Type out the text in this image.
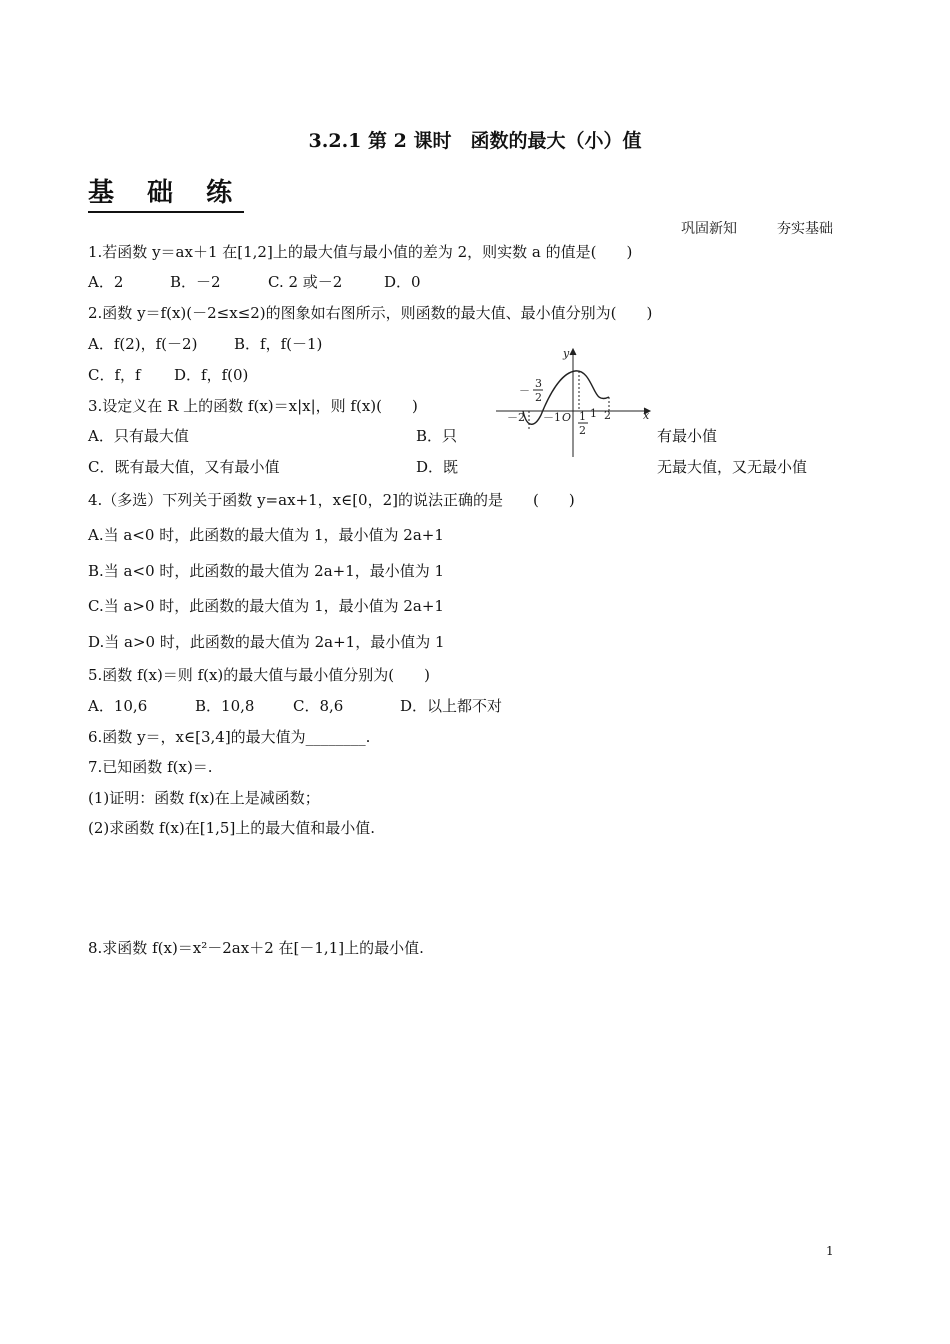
3.2.1 第 2 课时　函数的最大（小）值
基 础 练
巩固新知	夯实基础
1.若函数 y＝ax＋1 在[1,2]上的最大值与最小值的差为 2，则实数 a 的值是(　　)
A．2	B．－2	C. 2 或－2	D．0
2.函数 y＝f(x)(－2≤x≤2)的图象如右图所示，则函数的最大值、最小值分别为(　　)
A．f(2)，f(－2) B．f，f(－1)
C．f，f D．f，f(0)
y
x
－
3
2
－2 －1 O 1
2
1 2
3.设定义在 R 上的函数 f(x)＝x|x|，则 f(x)(　　)
A．只有最大值	B．只	有最小值
C．既有最大值，又有最小值	D．既	无最大值，又无最小值
4.（多选）下列关于函数 y=ax+1，x∈[0，2]的说法正确的是　　(　　)
A.当 a<0 时，此函数的最大值为 1，最小值为 2a+1
B.当 a<0 时，此函数的最大值为 2a+1，最小值为 1
C.当 a>0 时，此函数的最大值为 1，最小值为 2a+1
D.当 a>0 时，此函数的最大值为 2a+1，最小值为 1
5.函数 f(x)＝则 f(x)的最大值与最小值分别为(　　)
A．10,6	B．10,8	C．8,6	D．以上都不对
6.函数 y＝，x∈[3,4]的最大值为________.
7.已知函数 f(x)＝.
(1)证明：函数 f(x)在上是减函数；
(2)求函数 f(x)在[1,5]上的最大值和最小值.
8.求函数 f(x)＝x²－2ax＋2 在[－1,1]上的最小值.
1
